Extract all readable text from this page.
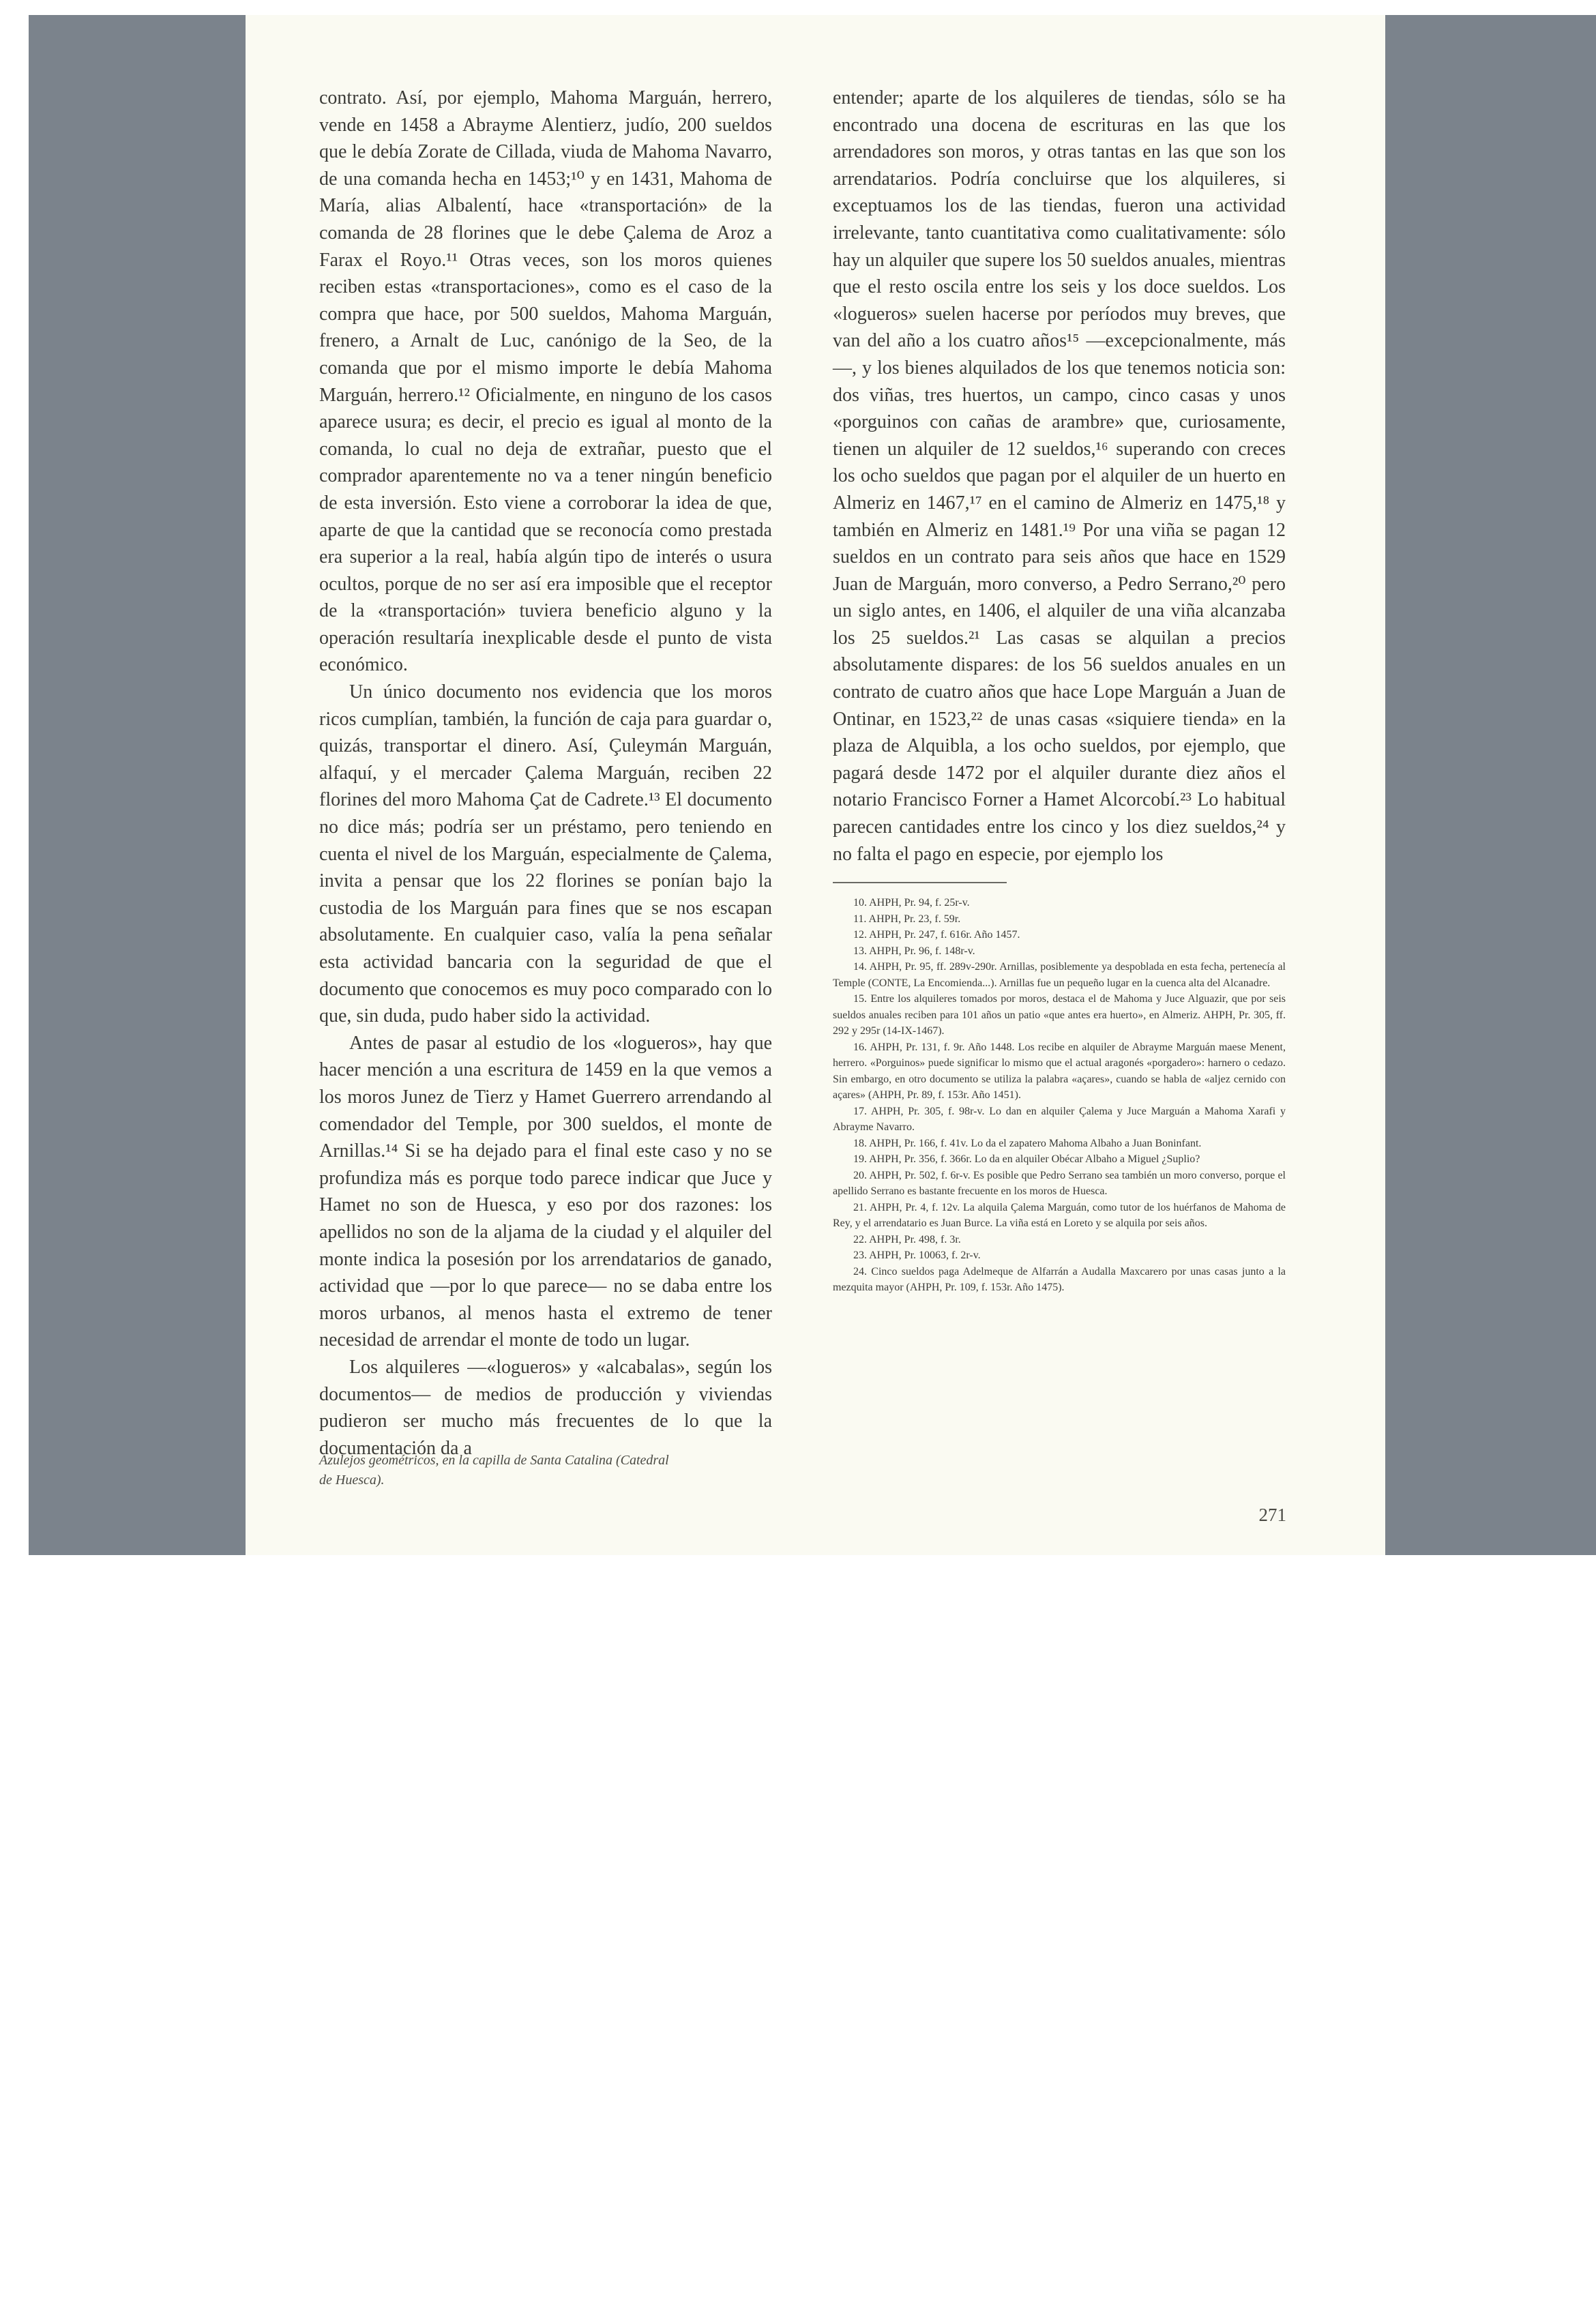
contrato. Así, por ejemplo, Mahoma Marguán, herrero, vende en 1458 a Abrayme Alentierz, judío, 200 sueldos que le debía Zorate de Cillada, viuda de Mahoma Navarro, de una comanda hecha en 1453;¹⁰ y en 1431, Mahoma de María, alias Albalentí, hace «transportación» de la comanda de 28 florines que le debe Çalema de Aroz a Farax el Royo.¹¹ Otras veces, son los moros quienes reciben estas «transportaciones», como es el caso de la compra que hace, por 500 sueldos, Mahoma Marguán, frenero, a Arnalt de Luc, canónigo de la Seo, de la comanda que por el mismo importe le debía Mahoma Marguán, herrero.¹² Oficialmente, en ninguno de los casos aparece usura; es decir, el precio es igual al monto de la comanda, lo cual no deja de extrañar, puesto que el comprador aparentemente no va a tener ningún beneficio de esta inversión. Esto viene a corroborar la idea de que, aparte de que la cantidad que se reconocía como prestada era superior a la real, había algún tipo de interés o usura ocultos, porque de no ser así era imposible que el receptor de la «transportación» tuviera beneficio alguno y la operación resultaría inexplicable desde el punto de vista económico.

Un único documento nos evidencia que los moros ricos cumplían, también, la función de caja para guardar o, quizás, transportar el dinero. Así, Çuleymán Marguán, alfaquí, y el mercader Çalema Marguán, reciben 22 florines del moro Mahoma Çat de Cadrete.¹³ El documento no dice más; podría ser un préstamo, pero teniendo en cuenta el nivel de los Marguán, especialmente de Çalema, invita a pensar que los 22 florines se ponían bajo la custodia de los Marguán para fines que se nos escapan absolutamente. En cualquier caso, valía la pena señalar esta actividad bancaria con la seguridad de que el documento que conocemos es muy poco comparado con lo que, sin duda, pudo haber sido la actividad.

Antes de pasar al estudio de los «logueros», hay que hacer mención a una escritura de 1459 en la que vemos a los moros Junez de Tierz y Hamet Guerrero arrendando al comendador del Temple, por 300 sueldos, el monte de Arnillas.¹⁴ Si se ha dejado para el final este caso y no se profundiza más es porque todo parece indicar que Juce y Hamet no son de Huesca, y eso por dos razones: los apellidos no son de la aljama de la ciudad y el alquiler del monte indica la posesión por los arrendatarios de ganado, actividad que —por lo que parece— no se daba entre los moros urbanos, al menos hasta el extremo de tener necesidad de arrendar el monte de todo un lugar.

Los alquileres —«logueros» y «alcabalas», según los documentos— de medios de producción y viviendas pudieron ser mucho más frecuentes de lo que la documentación da a

Azulejos geométricos, en la capilla de Santa Catalina (Catedral de Huesca).

entender; aparte de los alquileres de tiendas, sólo se ha encontrado una docena de escrituras en las que los arrendadores son moros, y otras tantas en las que son los arrendatarios. Podría concluirse que los alquileres, si exceptuamos los de las tiendas, fueron una actividad irrelevante, tanto cuantitativa como cualitativamente: sólo hay un alquiler que supere los 50 sueldos anuales, mientras que el resto oscila entre los seis y los doce sueldos. Los «logueros» suelen hacerse por períodos muy breves, que van del año a los cuatro años¹⁵ —excepcionalmente, más—, y los bienes alquilados de los que tenemos noticia son: dos viñas, tres huertos, un campo, cinco casas y unos «porguinos con cañas de arambre» que, curiosamente, tienen un alquiler de 12 sueldos,¹⁶ superando con creces los ocho sueldos que pagan por el alquiler de un huerto en Almeriz en 1467,¹⁷ en el camino de Almeriz en 1475,¹⁸ y también en Almeriz en 1481.¹⁹ Por una viña se pagan 12 sueldos en un contrato para seis años que hace en 1529 Juan de Marguán, moro converso, a Pedro Serrano,²⁰ pero un siglo antes, en 1406, el alquiler de una viña alcanzaba los 25 sueldos.²¹ Las casas se alquilan a precios absolutamente dispares: de los 56 sueldos anuales en un contrato de cuatro años que hace Lope Marguán a Juan de Ontinar, en 1523,²² de unas casas «siquiere tienda» en la plaza de Alquibla, a los ocho sueldos, por ejemplo, que pagará desde 1472 por el alquiler durante diez años el notario Francisco Forner a Hamet Alcorcobí.²³ Lo habitual parecen cantidades entre los cinco y los diez sueldos,²⁴ y no falta el pago en especie, por ejemplo los

10. AHPH, Pr. 94, f. 25r-v.

11. AHPH, Pr. 23, f. 59r.

12. AHPH, Pr. 247, f. 616r. Año 1457.

13. AHPH, Pr. 96, f. 148r-v.

14. AHPH, Pr. 95, ff. 289v-290r. Arnillas, posiblemente ya despoblada en esta fecha, pertenecía al Temple (CONTE, La Encomienda...). Arnillas fue un pequeño lugar en la cuenca alta del Alcanadre.

15. Entre los alquileres tomados por moros, destaca el de Mahoma y Juce Alguazir, que por seis sueldos anuales reciben para 101 años un patio «que antes era huerto», en Almeriz. AHPH, Pr. 305, ff. 292 y 295r (14-IX-1467).

16. AHPH, Pr. 131, f. 9r. Año 1448. Los recibe en alquiler de Abrayme Marguán maese Menent, herrero. «Porguinos» puede significar lo mismo que el actual aragonés «porgadero»: harnero o cedazo. Sin embargo, en otro documento se utiliza la palabra «açares», cuando se habla de «aljez cernido con açares» (AHPH, Pr. 89, f. 153r. Año 1451).

17. AHPH, Pr. 305, f. 98r-v. Lo dan en alquiler Çalema y Juce Marguán a Mahoma Xarafi y Abrayme Navarro.

18. AHPH, Pr. 166, f. 41v. Lo da el zapatero Mahoma Albaho a Juan Boninfant.

19. AHPH, Pr. 356, f. 366r. Lo da en alquiler Obécar Albaho a Miguel ¿Suplio?

20. AHPH, Pr. 502, f. 6r-v. Es posible que Pedro Serrano sea también un moro converso, porque el apellido Serrano es bastante frecuente en los moros de Huesca.

21. AHPH, Pr. 4, f. 12v. La alquila Çalema Marguán, como tutor de los huérfanos de Mahoma de Rey, y el arrendatario es Juan Burce. La viña está en Loreto y se alquila por seis años.

22. AHPH, Pr. 498, f. 3r.

23. AHPH, Pr. 10063, f. 2r-v.

24. Cinco sueldos paga Adelmeque de Alfarrán a Audalla Maxcarero por unas casas junto a la mezquita mayor (AHPH, Pr. 109, f. 153r. Año 1475).

271
